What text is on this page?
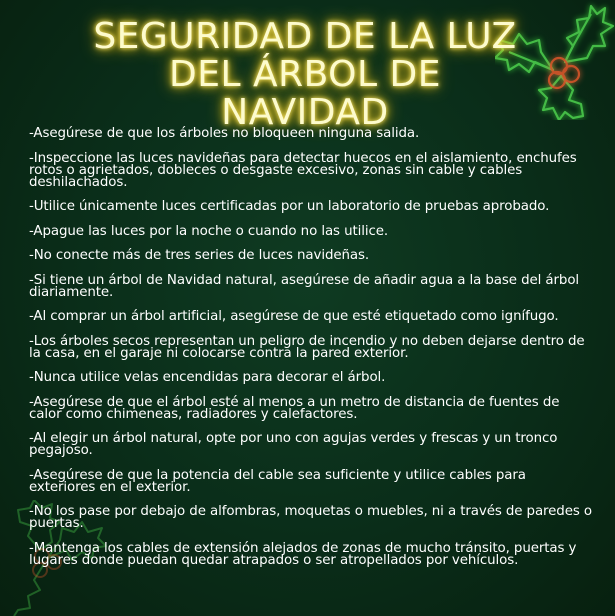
SEGURIDAD DE LA LUZ
DEL ÁRBOL DE
NAVIDAD
-Asegúrese de que los árboles no bloqueen ninguna salida.
-Inspeccione las luces navideñas para detectar huecos en el aislamiento, enchufes rotos o agrietados, dobleces o desgaste excesivo, zonas sin cable y cables deshilachados.
-Utilice únicamente luces certificadas por un laboratorio de pruebas aprobado.
-Apague las luces por la noche o cuando no las utilice.
-No conecte más de tres series de luces navideñas.
-Si tiene un árbol de Navidad natural, asegúrese de añadir agua a la base del árbol diariamente.
-Al comprar un árbol artificial, asegúrese de que esté etiquetado como ignífugo.
-Los árboles secos representan un peligro de incendio y no deben dejarse dentro de la casa, en el garaje ni colocarse contra la pared exterior.
-Nunca utilice velas encendidas para decorar el árbol.
-Asegúrese de que el árbol esté al menos a un metro de distancia de fuentes de calor como chimeneas, radiadores y calefactores.
-Al elegir un árbol natural, opte por uno con agujas verdes y frescas y un tronco pegajoso.
-Asegúrese de que la potencia del cable sea suficiente y utilice cables para exteriores en el exterior.
-No los pase por debajo de alfombras, moquetas o muebles, ni a través de paredes o puertas.
-Mantenga los cables de extensión alejados de zonas de mucho tránsito, puertas y lugares donde puedan quedar atrapados o ser atropellados por vehículos.
